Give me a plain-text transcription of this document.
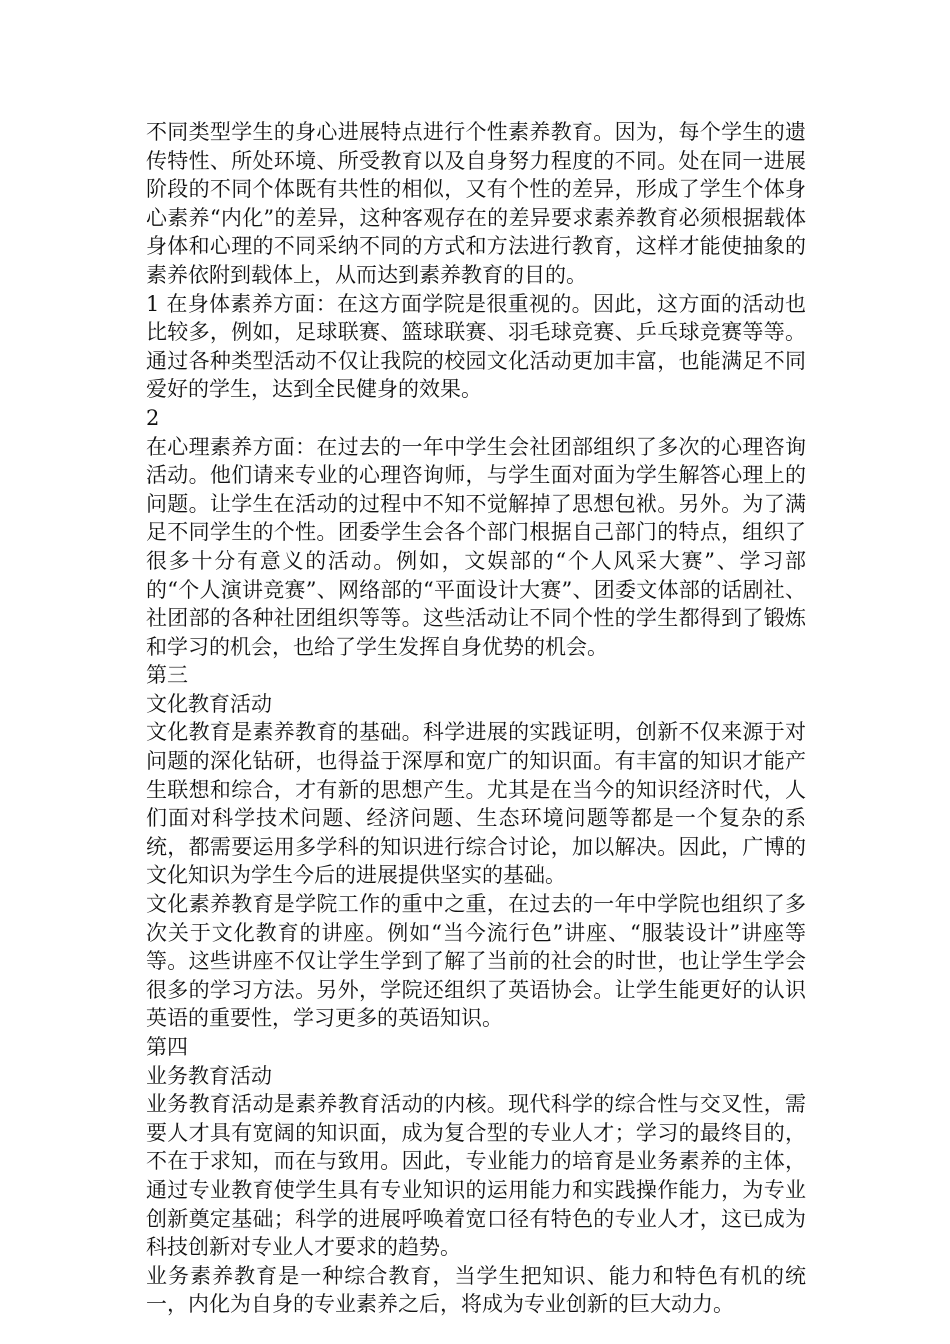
不同类型学生的身心进展特点进行个性素养教育。因为，每个学生的遗传特性、所处环境、所受教育以及自身努力程度的不同。处在同一进展阶段的不同个体既有共性的相似，又有个性的差异，形成了学生个体身心素养“内化”的差异，这种客观存在的差异要求素养教育必须根据载体身体和心理的不同采纳不同的方式和方法进行教育，这样才能使抽象的素养依附到载体上，从而达到素养教育的目的。

1 在身体素养方面：在这方面学院是很重视的。因此，这方面的活动也比较多，例如，足球联赛、篮球联赛、羽毛球竞赛、乒乓球竞赛等等。通过各种类型活动不仅让我院的校园文化活动更加丰富，也能满足不同爱好的学生，达到全民健身的效果。

2

在心理素养方面：在过去的一年中学生会社团部组织了多次的心理咨询活动。他们请来专业的心理咨询师，与学生面对面为学生解答心理上的问题。让学生在活动的过程中不知不觉解掉了思想包袱。另外。为了满足不同学生的个性。团委学生会各个部门根据自己部门的特点，组织了很多十分有意义的活动。例如，文娱部的“个人风采大赛”、学习部的“个人演讲竞赛”、网络部的“平面设计大赛”、团委文体部的话剧社、社团部的各种社团组织等等。这些活动让不同个性的学生都得到了锻炼和学习的机会，也给了学生发挥自身优势的机会。

第三

文化教育活动

文化教育是素养教育的基础。科学进展的实践证明，创新不仅来源于对问题的深化钻研，也得益于深厚和宽广的知识面。有丰富的知识才能产生联想和综合，才有新的思想产生。尤其是在当今的知识经济时代，人们面对科学技术问题、经济问题、生态环境问题等都是一个复杂的系统，都需要运用多学科的知识进行综合讨论，加以解决。因此，广博的文化知识为学生今后的进展提供坚实的基础。

文化素养教育是学院工作的重中之重，在过去的一年中学院也组织了多次关于文化教育的讲座。例如“当今流行色”讲座、“服装设计”讲座等等。这些讲座不仅让学生学到了解了当前的社会的时世，也让学生学会很多的学习方法。另外，学院还组织了英语协会。让学生能更好的认识英语的重要性，学习更多的英语知识。

第四

业务教育活动

业务教育活动是素养教育活动的内核。现代科学的综合性与交叉性，需要人才具有宽阔的知识面，成为复合型的专业人才；学习的最终目的，不在于求知，而在与致用。因此，专业能力的培育是业务素养的主体，通过专业教育使学生具有专业知识的运用能力和实践操作能力，为专业创新奠定基础；科学的进展呼唤着宽口径有特色的专业人才，这已成为科技创新对专业人才要求的趋势。

业务素养教育是一种综合教育，当学生把知识、能力和特色有机的统一，内化为自身的专业素养之后，将成为专业创新的巨大动力。
